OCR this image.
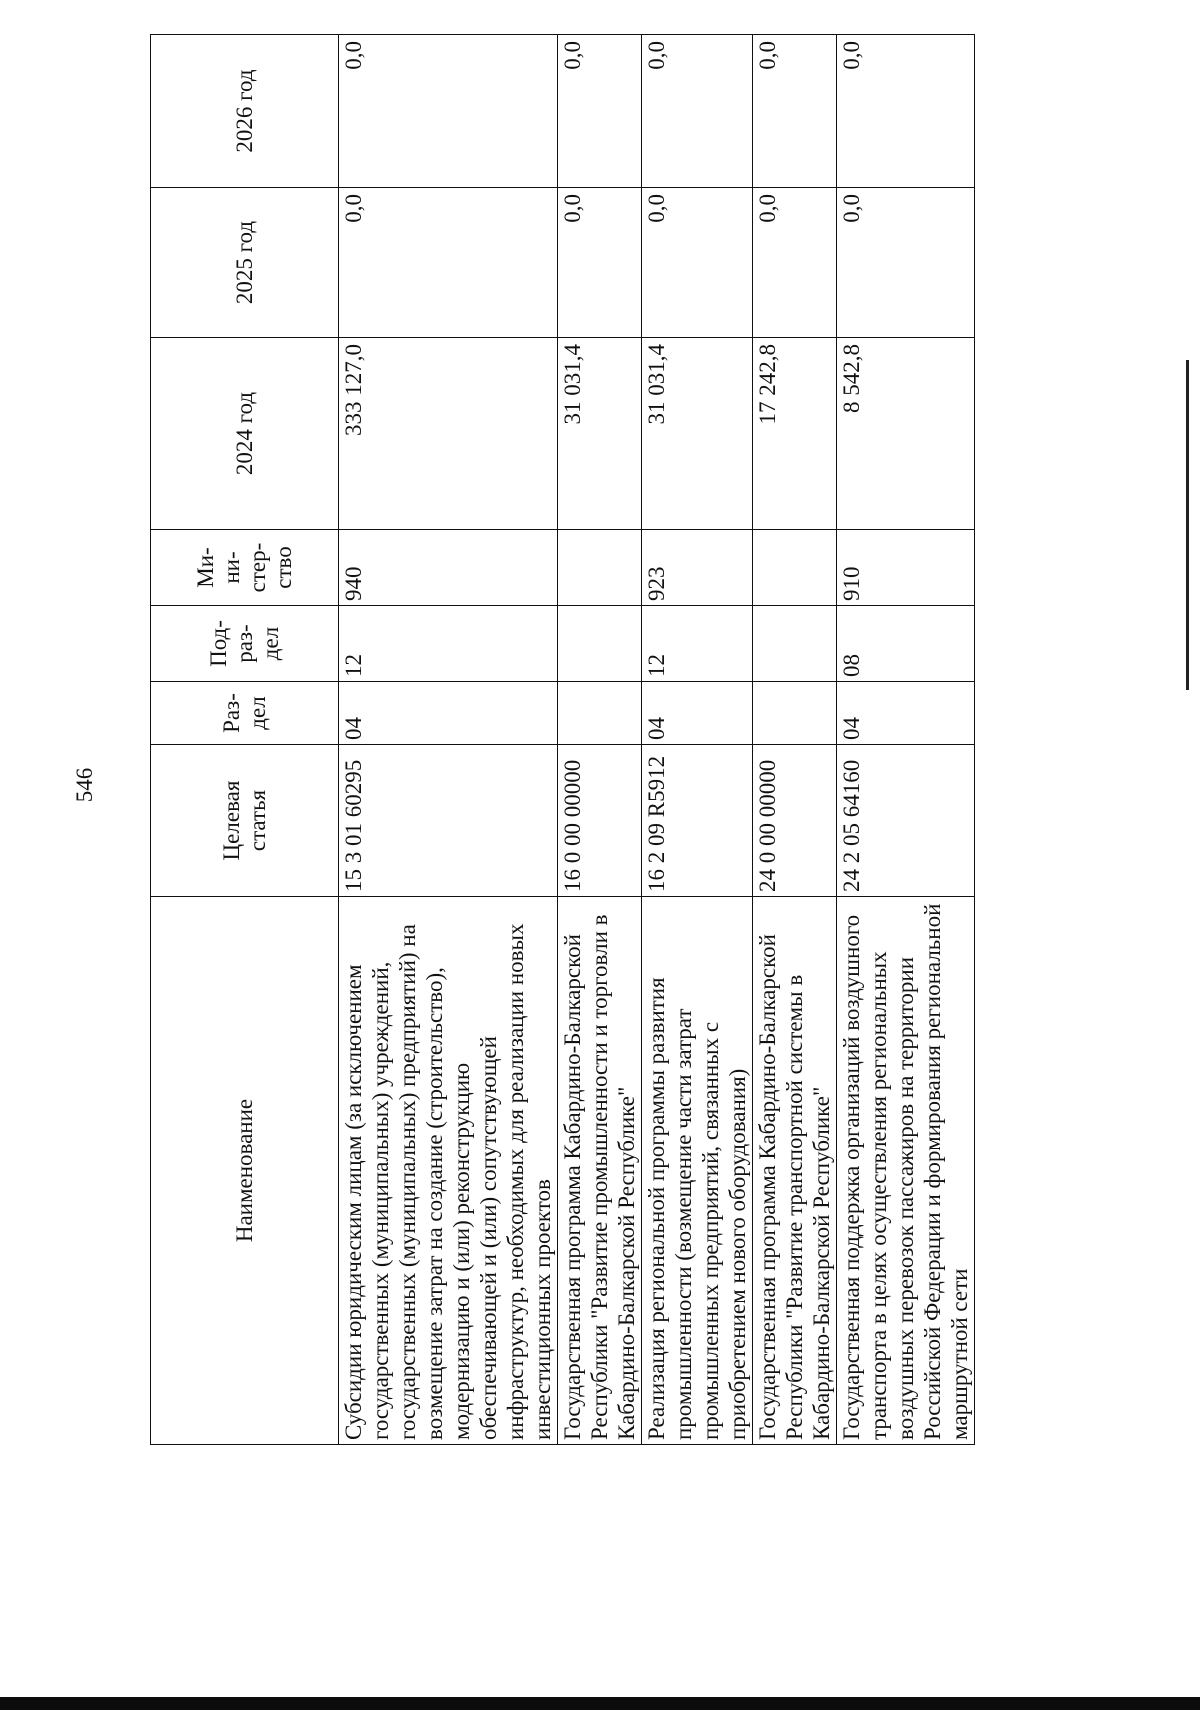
546
Наименование	Целевая статья	Раз-дел	Под-раз-дел	Ми-ни-стер-ство	2024 год	2025 год	2026 год
Субсидии юридическим лицам (за исключением государственных (муниципальных) учреждений, государственных (муниципальных) предприятий) на возмещение затрат на создание (строительство), модернизацию и (или) реконструкцию обеспечивающей и (или) сопутствующей инфраструктур, необходимых для реализации новых инвестиционных проектов	15 3 01 60295	04	12	940	333 127,0	0,0	0,0
Государственная программа Кабардино-Балкарской Республики "Развитие промышленности и торговли в Кабардино-Балкарской Республике"	16 0 00 00000				31 031,4	0,0	0,0
Реализация региональной программы развития промышленности (возмещение части затрат промышленных предприятий, связанных с приобретением нового оборудования)	16 2 09 R5912	04	12	923	31 031,4	0,0	0,0
Государственная программа Кабардино-Балкарской Республики "Развитие транспортной системы в Кабардино-Балкарской Республике"	24 0 00 00000				17 242,8	0,0	0,0
Государственная поддержка организаций воздушного транспорта в целях осуществления региональных воздушных перевозок пассажиров на территории Российской Федерации и формирования региональной маршрутной сети	24 2 05 64160	04	08	910	8 542,8	0,0	0,0
